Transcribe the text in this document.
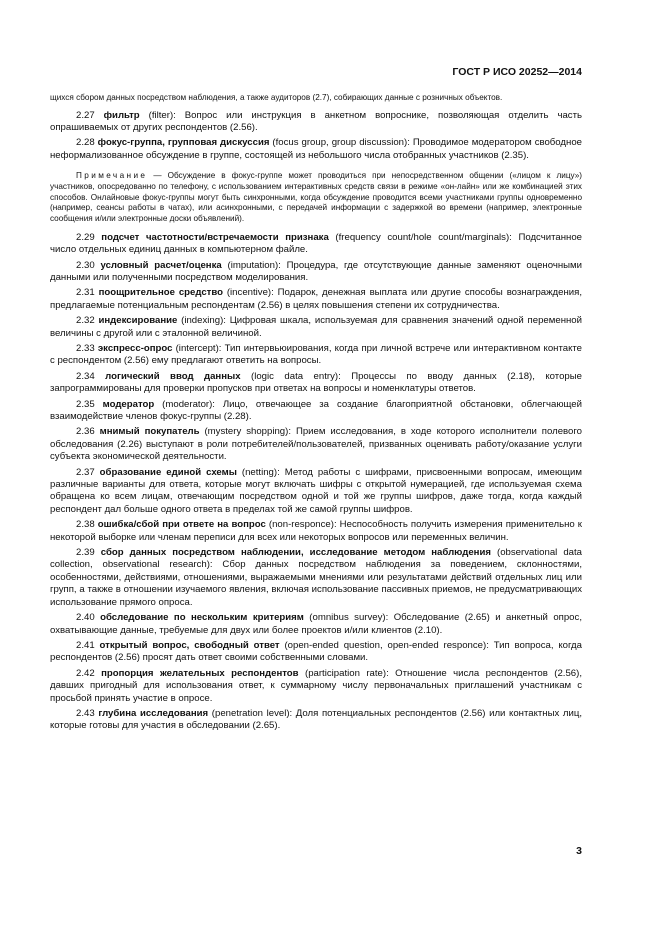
ГОСТ Р ИСО 20252—2014

щихся сбором данных посредством наблюдения, а также аудиторов (2.7), собирающих данные с розничных объектов.

2.27 фильтр (filter): Вопрос или инструкция в анкетном вопроснике, позволяющая отделить часть опрашиваемых от других респондентов (2.56).

2.28 фокус-группа, групповая дискуссия (focus group, group discussion): Проводимое модератором свободное неформализованное обсуждение в группе, состоящей из небольшого числа отобранных участников (2.35).

Примечание — Обсуждение в фокус-группе может проводиться при непосредственном общении («лицом к лицу») участников, опосредованно по телефону, с использованием интерактивных средств связи в режиме «он-лайн» или же комбинацией этих способов. Онлайновые фокус-группы могут быть синхронными, когда обсуждение проводится всеми участниками группы одновременно (например, сеансы работы в чатах), или асинхронными, с передачей информации с задержкой во времени (например, электронные сообщения и/или электронные доски объявлений).

2.29 подсчет частотности/встречаемости признака (frequency count/hole count/marginals): Подсчитанное число отдельных единиц данных в компьютерном файле.

2.30 условный расчет/оценка (imputation): Процедура, где отсутствующие данные заменяют оценочными данными или полученными посредством моделирования.

2.31 поощрительное средство (incentive): Подарок, денежная выплата или другие способы вознаграждения, предлагаемые потенциальным респондентам (2.56) в целях повышения степени их сотрудничества.

2.32 индексирование (indexing): Цифровая шкала, используемая для сравнения значений одной переменной величины с другой или с эталонной величиной.

2.33 экспресс-опрос (intercept): Тип интервьюирования, когда при личной встрече или интерактивном контакте с респондентом (2.56) ему предлагают ответить на вопросы.

2.34 логический ввод данных (logic data entry): Процессы по вводу данных (2.18), которые запрограммированы для проверки пропусков при ответах на вопросы и номенклатуры ответов.

2.35 модератор (moderator): Лицо, отвечающее за создание благоприятной обстановки, облегчающей взаимодействие членов фокус-группы (2.28).

2.36 мнимый покупатель (mystery shopping): Прием исследования, в ходе которого исполнители полевого обследования (2.26) выступают в роли потребителей/пользователей, призванных оценивать работу/оказание услуги субъекта экономической деятельности.

2.37 образование единой схемы (netting): Метод работы с шифрами, присвоенными вопросам, имеющим различные варианты для ответа, которые могут включать шифры с открытой нумерацией, где используемая схема обращена ко всем лицам, отвечающим посредством одной и той же группы шифров, даже тогда, когда каждый респондент дал больше одного ответа в пределах той же самой группы шифров.

2.38 ошибка/сбой при ответе на вопрос (non-responce): Неспособность получить измерения применительно к некоторой выборке или членам переписи для всех или некоторых вопросов или переменных величин.

2.39 сбор данных посредством наблюдении, исследование методом наблюдения (observational data collection, observational research): Сбор данных посредством наблюдения за поведением, склонностями, особенностями, действиями, отношениями, выражаемыми мнениями или результатами действий отдельных лиц или групп, а также в отношении изучаемого явления, включая использование пассивных приемов, не предусматривающих использование прямого опроса.

2.40 обследование по нескольким критериям (omnibus survey): Обследование (2.65) и анкетный опрос, охватывающие данные, требуемые для двух или более проектов и/или клиентов (2.10).

2.41 открытый вопрос, свободный ответ (open-ended question, open-ended responce): Тип вопроса, когда респондентов (2.56) просят дать ответ своими собственными словами.

2.42 пропорция желательных респондентов (participation rate): Отношение числа респондентов (2.56), давших пригодный для использования ответ, к суммарному числу первоначальных приглашений участникам с просьбой принять участие в опросе.

2.43 глубина исследования (penetration level): Доля потенциальных респондентов (2.56) или контактных лиц, которые готовы для участия в обследовании (2.65).

3
